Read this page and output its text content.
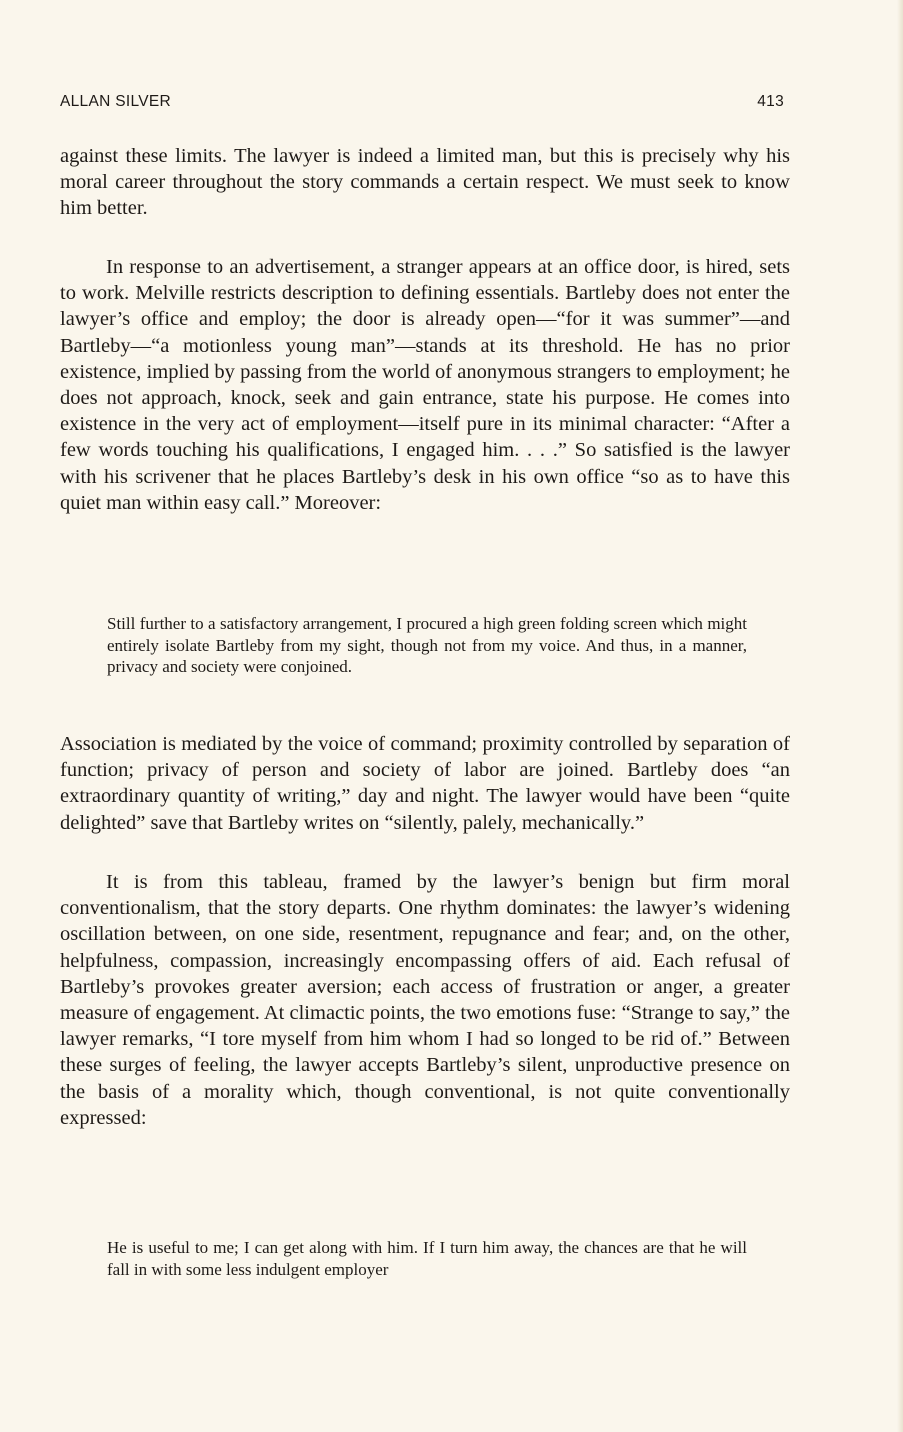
ALLAN SILVER	413

against these limits. The lawyer is indeed a limited man, but this is precisely why his moral career throughout the story commands a certain respect. We must seek to know him better.

In response to an advertisement, a stranger appears at an office door, is hired, sets to work. Melville restricts description to defining essentials. Bartleby does not enter the lawyer’s office and employ; the door is already open—“for it was summer”—and Bartleby—“a motionless young man”—stands at its threshold. He has no prior existence, implied by passing from the world of anonymous strangers to employment; he does not approach, knock, seek and gain entrance, state his purpose. He comes into existence in the very act of employment—itself pure in its minimal character: “After a few words touching his qualifications, I engaged him. . . .” So satisfied is the lawyer with his scrivener that he places Bartleby’s desk in his own office “so as to have this quiet man within easy call.” Moreover:

Still further to a satisfactory arrangement, I procured a high green folding screen which might entirely isolate Bartleby from my sight, though not from my voice. And thus, in a manner, privacy and society were conjoined.

Association is mediated by the voice of command; proximity controlled by separation of function; privacy of person and society of labor are joined. Bartleby does “an extraordinary quantity of writing,” day and night. The lawyer would have been “quite delighted” save that Bartleby writes on “silently, palely, mechanically.”

It is from this tableau, framed by the lawyer’s benign but firm moral conventionalism, that the story departs. One rhythm dominates: the lawyer’s widening oscillation between, on one side, resentment, repugnance and fear; and, on the other, helpfulness, compassion, increasingly encompassing offers of aid. Each refusal of Bartleby’s provokes greater aversion; each access of frustration or anger, a greater measure of engagement. At climactic points, the two emotions fuse: “Strange to say,” the lawyer remarks, “I tore myself from him whom I had so longed to be rid of.” Between these surges of feeling, the lawyer accepts Bartleby’s silent, unproductive presence on the basis of a morality which, though conventional, is not quite conventionally expressed:

He is useful to me; I can get along with him. If I turn him away, the chances are that he will fall in with some less indulgent employer
